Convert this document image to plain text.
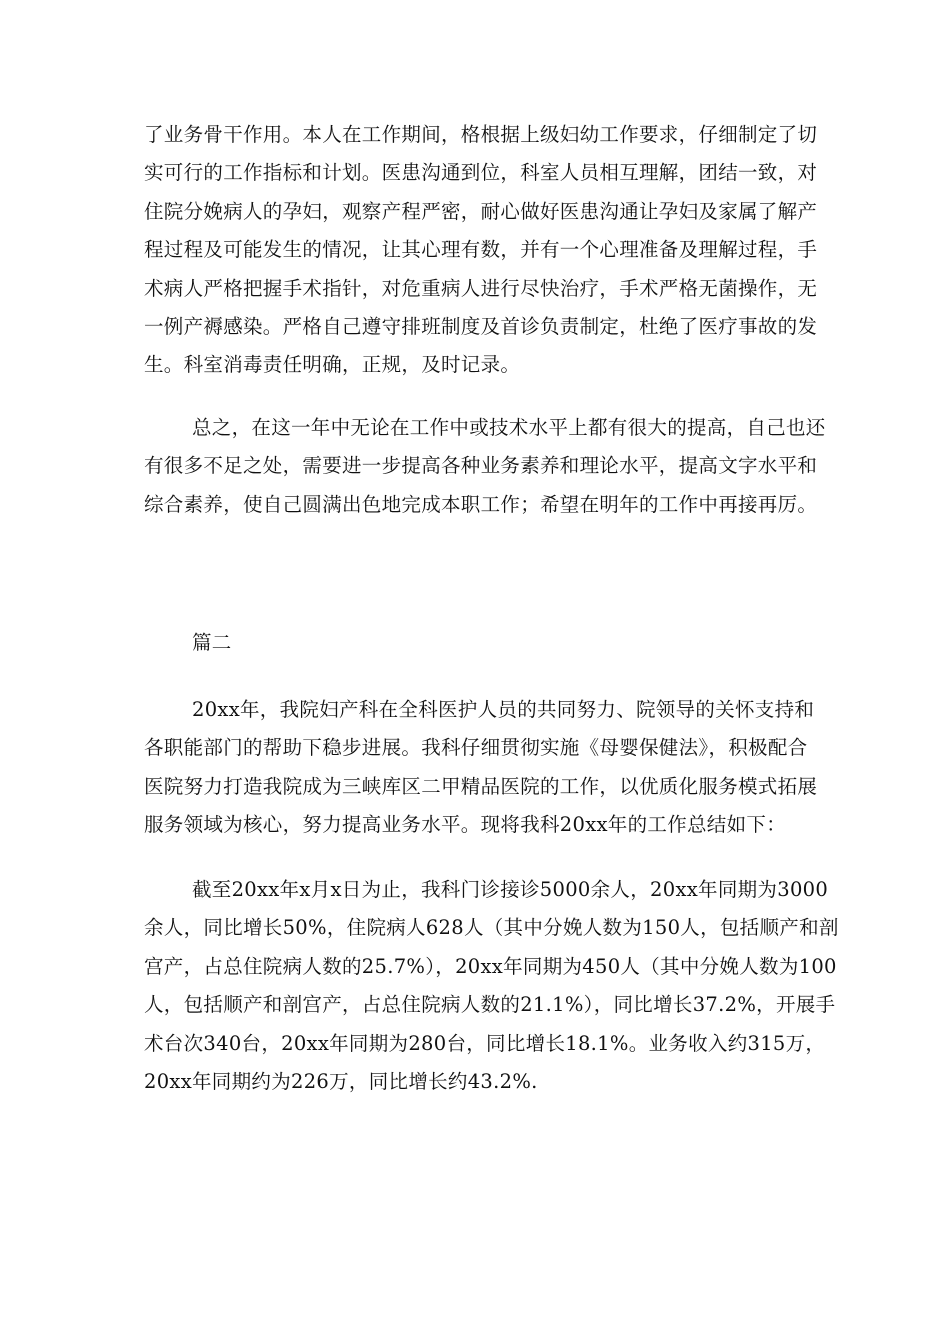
了业务骨干作用。本人在工作期间，格根据上级妇幼工作要求，仔细制定了切
实可行的工作指标和计划。医患沟通到位，科室人员相互理解，团结一致，对
住院分娩病人的孕妇，观察产程严密，耐心做好医患沟通让孕妇及家属了解产
程过程及可能发生的情况，让其心理有数，并有一个心理准备及理解过程，手
术病人严格把握手术指针，对危重病人进行尽快治疗，手术严格无菌操作，无
一例产褥感染。严格自己遵守排班制度及首诊负责制定，杜绝了医疗事故的发
生。科室消毒责任明确，正规，及时记录。

总之，在这一年中无论在工作中或技术水平上都有很大的提高，自己也还
有很多不足之处，需要进一步提高各种业务素养和理论水平，提高文字水平和
综合素养，使自己圆满出色地完成本职工作；希望在明年的工作中再接再厉。

篇二

20xx年，我院妇产科在全科医护人员的共同努力、院领导的关怀支持和
各职能部门的帮助下稳步进展。我科仔细贯彻实施《母婴保健法》，积极配合
医院努力打造我院成为三峡库区二甲精品医院的工作，以优质化服务模式拓展
服务领域为核心，努力提高业务水平。现将我科20xx年的工作总结如下：

截至20xx年x月x日为止，我科门诊接诊5000余人，20xx年同期为3000
余人，同比增长50%，住院病人628人（其中分娩人数为150人，包括顺产和剖
宫产，占总住院病人数的25.7%），20xx年同期为450人（其中分娩人数为100
人，包括顺产和剖宫产，占总住院病人数的21.1%），同比增长37.2%，开展手
术台次340台，20xx年同期为280台，同比增长18.1%。业务收入约315万，
20xx年同期约为226万，同比增长约43.2%.
